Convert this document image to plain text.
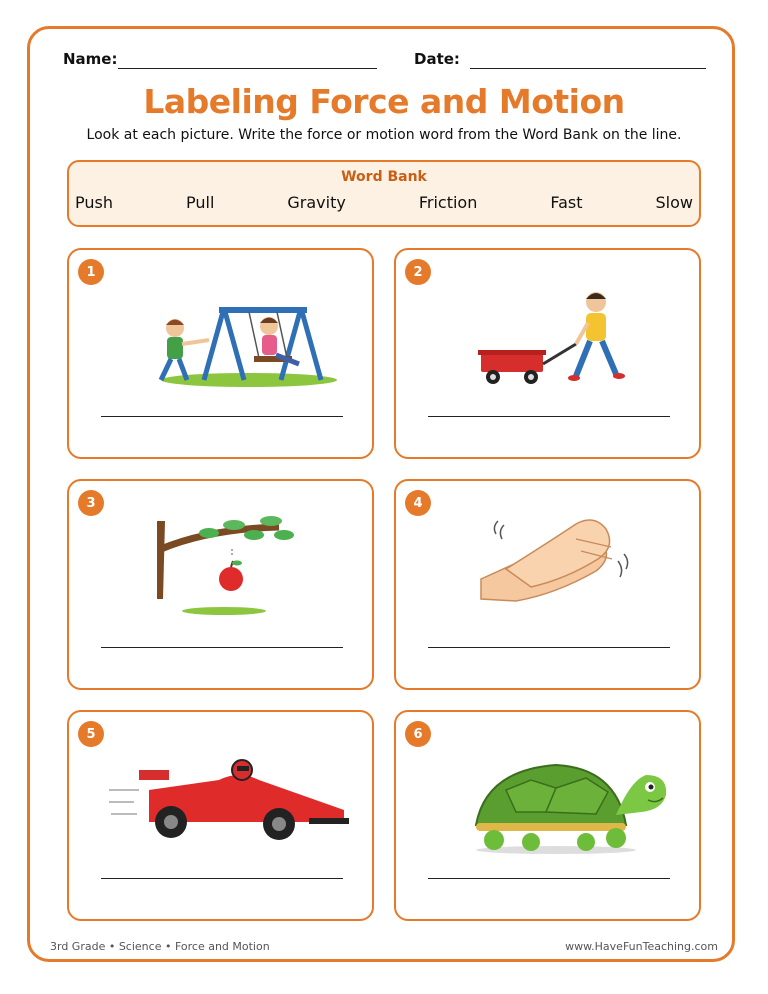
Name:	Date:
Labeling Force and Motion
Look at each picture. Write the force or motion word from the Word Bank on the line.
Word Bank
Push	Pull	Gravity	Friction	Fast	Slow
1	2
3	4
5	6
3rd Grade • Science • Force and Motion	www.HaveFunTeaching.com
